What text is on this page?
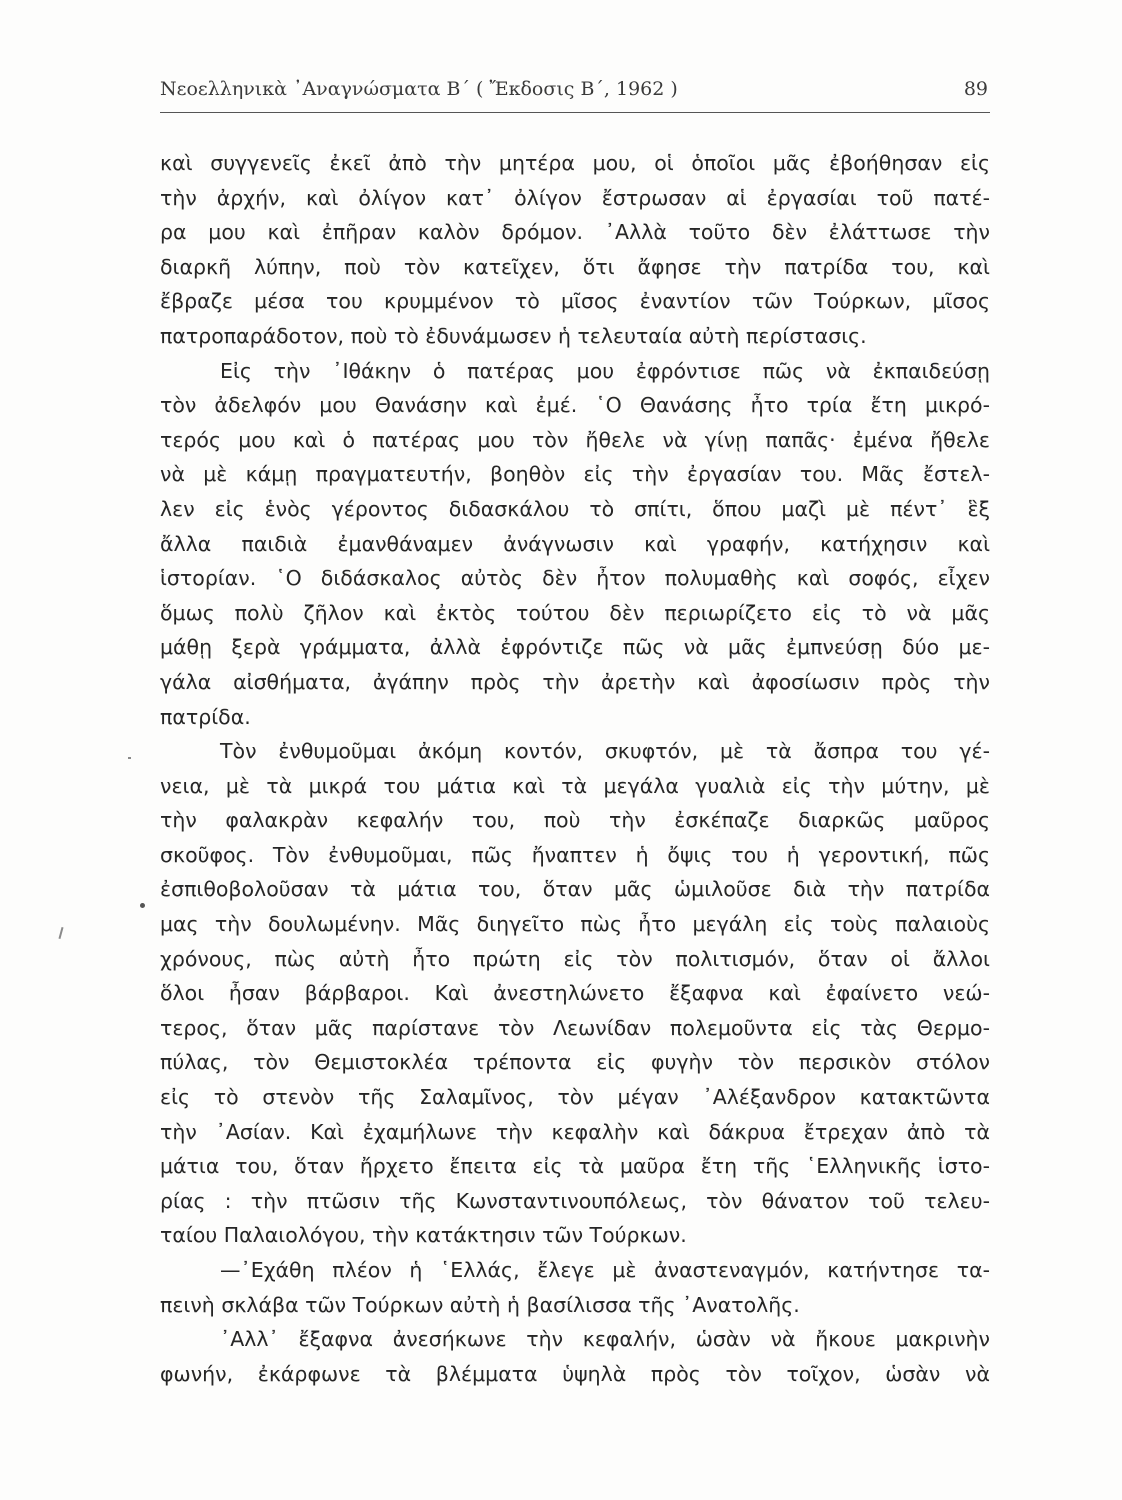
Νεοελληνικὰ ᾿Αναγνώσματα Β΄ ( Ἔκδοσις Β΄, 1962 )	89
καὶ συγγενεῖς ἐκεῖ ἀπὸ τὴν μητέρα μου, οἱ ὁποῖοι μᾶς ἐβοήθησαν εἰς
τὴν ἀρχήν, καὶ ὀλίγον κατ᾿ ὀλίγον ἔστρωσαν αἱ ἐργασίαι τοῦ πατέ-
ρα μου καὶ ἐπῆραν καλὸν δρόμον. ᾿Αλλὰ τοῦτο δὲν ἐλάττωσε τὴν
διαρκῆ λύπην, ποὺ τὸν κατεῖχεν, ὅτι ἄφησε τὴν πατρίδα του, καὶ
ἔβραζε μέσα του κρυμμένον τὸ μῖσος ἐναντίον τῶν Τούρκων, μῖσος
πατροπαράδοτον, ποὺ τὸ ἐδυνάμωσεν ἡ τελευταία αὐτὴ περίστασις.
Εἰς τὴν ᾿Ιθάκην ὁ πατέρας μου ἐφρόντισε πῶς νὰ ἐκπαιδεύσῃ
τὸν ἀδελφόν μου Θανάσην καὶ ἐμέ. ῾Ο Θανάσης ἦτο τρία ἔτη μικρό-
τερός μου καὶ ὁ πατέρας μου τὸν ἤθελε νὰ γίνῃ παπᾶς· ἐμένα ἤθελε
νὰ μὲ κάμῃ πραγματευτήν, βοηθὸν εἰς τὴν ἐργασίαν του. Μᾶς ἔστελ-
λεν εἰς ἑνὸς γέροντος διδασκάλου τὸ σπίτι, ὅπου μαζὶ μὲ πέντ᾿ ἓξ
ἄλλα παιδιὰ ἐμανθάναμεν ἀνάγνωσιν καὶ γραφήν, κατήχησιν καὶ
ἱστορίαν. ῾Ο διδάσκαλος αὐτὸς δὲν ἦτον πολυμαθὴς καὶ σοφός, εἶχεν
ὅμως πολὺ ζῆλον καὶ ἐκτὸς τούτου δὲν περιωρίζετο εἰς τὸ νὰ μᾶς
μάθῃ ξερὰ γράμματα, ἀλλὰ ἐφρόντιζε πῶς νὰ μᾶς ἐμπνεύσῃ δύο με-
γάλα αἰσθήματα, ἀγάπην πρὸς τὴν ἀρετὴν καὶ ἀφοσίωσιν πρὸς τὴν
πατρίδα.
Τὸν ἐνθυμοῦμαι ἀκόμη κοντόν, σκυφτόν, μὲ τὰ ἄσπρα του γέ-
νεια, μὲ τὰ μικρά του μάτια καὶ τὰ μεγάλα γυαλιὰ εἰς τὴν μύτην, μὲ
τὴν φαλακρὰν κεφαλήν του, ποὺ τὴν ἐσκέπαζε διαρκῶς μαῦρος
σκοῦφος. Τὸν ἐνθυμοῦμαι, πῶς ἤναπτεν ἡ ὄψις του ἡ γεροντική, πῶς
ἐσπιθοβολοῦσαν τὰ μάτια του, ὅταν μᾶς ὡμιλοῦσε διὰ τὴν πατρίδα
μας τὴν δουλωμένην. Μᾶς διηγεῖτο πὼς ἦτο μεγάλη εἰς τοὺς παλαιοὺς
χρόνους, πὼς αὐτὴ ἦτο πρώτη εἰς τὸν πολιτισμόν, ὅταν οἱ ἄλλοι
ὅλοι ἦσαν βάρβαροι. Καὶ ἀνεστηλώνετο ἔξαφνα καὶ ἐφαίνετο νεώ-
τερος, ὅταν μᾶς παρίστανε τὸν Λεωνίδαν πολεμοῦντα εἰς τὰς Θερμο-
πύλας, τὸν Θεμιστοκλέα τρέποντα εἰς φυγὴν τὸν περσικὸν στόλον
εἰς τὸ στενὸν τῆς Σαλαμῖνος, τὸν μέγαν ᾿Αλέξανδρον κατακτῶντα
τὴν ᾿Ασίαν. Καὶ ἐχαμήλωνε τὴν κεφαλὴν καὶ δάκρυα ἔτρεχαν ἀπὸ τὰ
μάτια του, ὅταν ἤρχετο ἔπειτα εἰς τὰ μαῦρα ἔτη τῆς ῾Ελληνικῆς ἱστο-
ρίας : τὴν πτῶσιν τῆς Κωνσταντινουπόλεως, τὸν θάνατον τοῦ τελευ-
ταίου Παλαιολόγου, τὴν κατάκτησιν τῶν Τούρκων.
—᾿Εχάθη πλέον ἡ ῾Ελλάς, ἔλεγε μὲ ἀναστεναγμόν, κατήντησε τα-
πεινὴ σκλάβα τῶν Τούρκων αὐτὴ ἡ βασίλισσα τῆς ᾿Ανατολῆς.
᾿Αλλ᾿ ἔξαφνα ἀνεσήκωνε τὴν κεφαλήν, ὡσὰν νὰ ἤκουε μακρινὴν
φωνήν, ἐκάρφωνε τὰ βλέμματα ὑψηλὰ πρὸς τὸν τοῖχον, ὡσὰν νὰ
